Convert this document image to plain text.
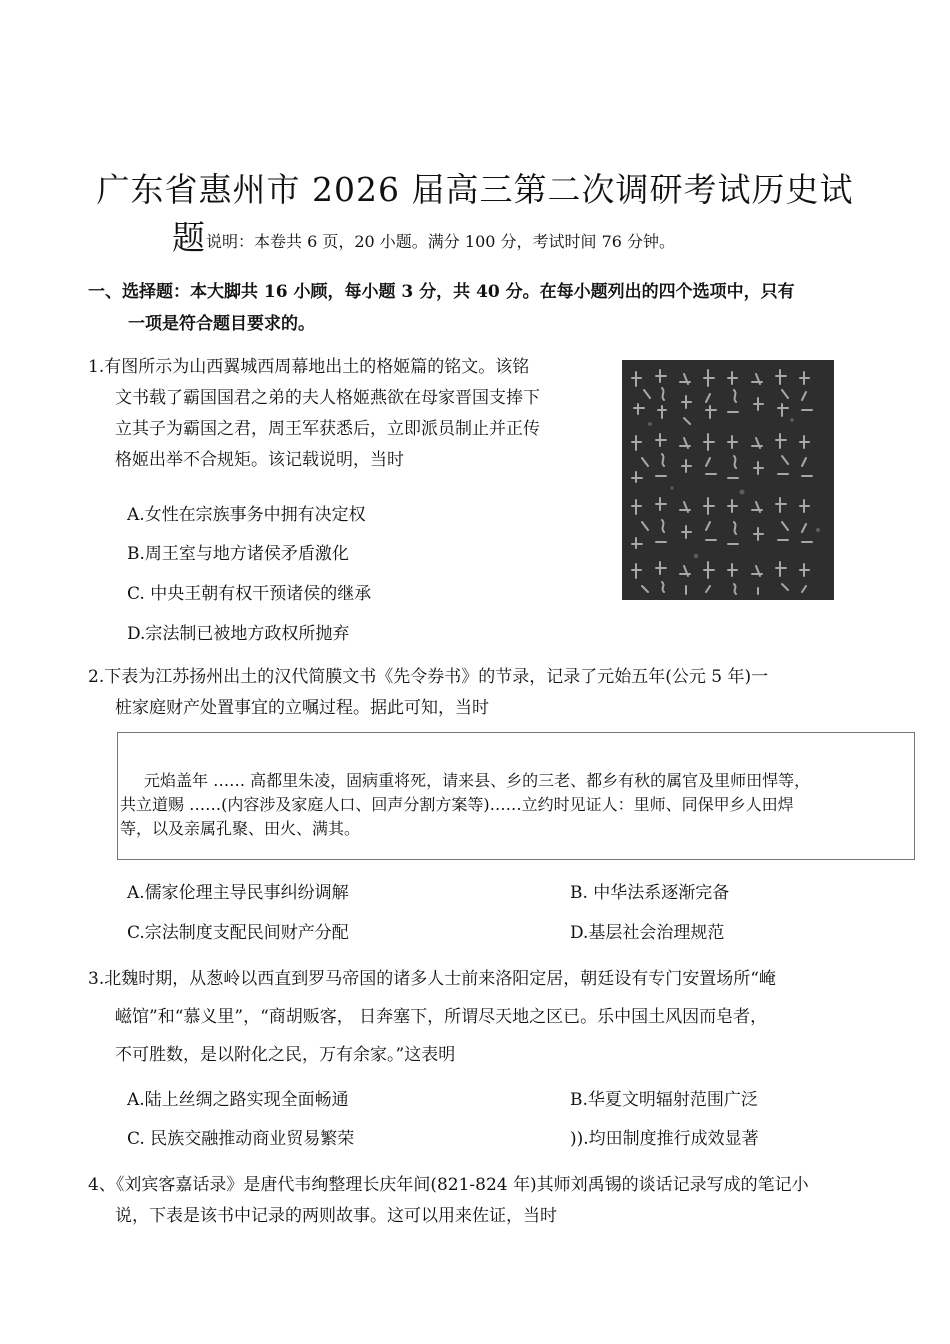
广东省惠州市 2026 届高三第二次调研考试历史试
题 说明：本卷共 6 页，20 小题。满分 100 分，考试时间 76 分钟。
一、选择题：本大脚共 16 小顾，每小题 3 分，共 40 分。在每小题列出的四个选项中，只有
一项是符合题目要求的。
1.有图所示为山西翼城西周幕地出土的格姬篇的铭文。该铭
文书载了霸国国君之弟的夫人格姬燕欲在母家晋国支捧下
立其子为霸国之君，周王军获悉后，立即派员制止并正传
格姬出举不合规矩。该记载说明，当时
A.女性在宗族事务中拥有决定权
B.周王室与地方诸侯矛盾激化
C. 中央王朝有权干预诸侯的继承
D.宗法制已被地方政权所抛弃
2.下表为江苏扬州出土的汉代简膜文书《先令券书》的节录，记录了元始五年(公元 5 年)一
桩家庭财产处置事宜的立嘱过程。据此可知，当时
元焰盖年 …… 高都里朱凌，固病重将死，请来县、乡的三老、都乡有秋的属官及里师田悍等，
共立道赐 ……(内容涉及家庭人口、回声分割方案等)……立约时见证人：里师、同保甲乡人田焊
等，以及亲属孔聚、田火、满其。
A.儒家伦理主导民事纠纷调解	B. 中华法系逐渐完备
C.宗法制度支配民间财产分配	D.基层社会治理规范
3.北魏时期，从葱岭以西直到罗马帝国的诸多人士前来洛阳定居，朝廷设有专门安置场所“崦
嵫馆”和“慕义里”，“商胡贩客， 日奔塞下，所谓尽天地之区已。乐中国土风因而皂者，
不可胜数，是以附化之民，万有余家。”这表明
A.陆上丝绸之路实现全面畅通	B.华夏文明辐射范围广泛
C. 民族交融推动商业贸易繁荣	)).均田制度推行成效显著
4、《刘宾客嘉话录》是唐代韦绚整理长庆年间(821-824 年)其师刘禹锡的谈话记录写成的笔记小
说，下表是该书中记录的两则故事。这可以用来佐证，当时
